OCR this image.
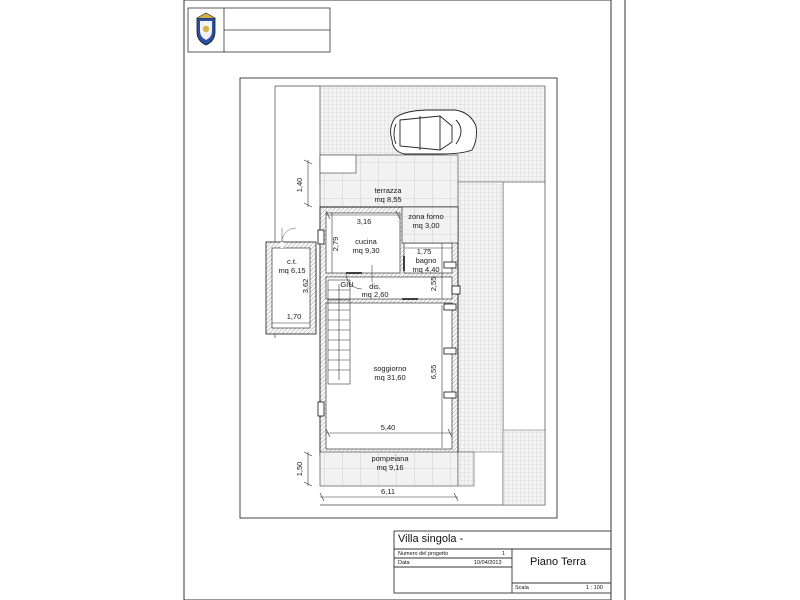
terrazza
mq 8,55
zona forno
mq 3,00
c.t.
mq 6,15
cucina
mq 9,30
bagno
mq 4,40
dis.
mq 2,60
soggiorno
mq 31,60
pompeiana
mq 9,16
GIU
1,40
3,16
2,79
1,75
2,55
3,62
1,70
6,55
5,40
1,50
6,11
Villa singola -
Numero del progetto	1
Data	10/04/2013	Piano Terra
Scala	1 : 100
